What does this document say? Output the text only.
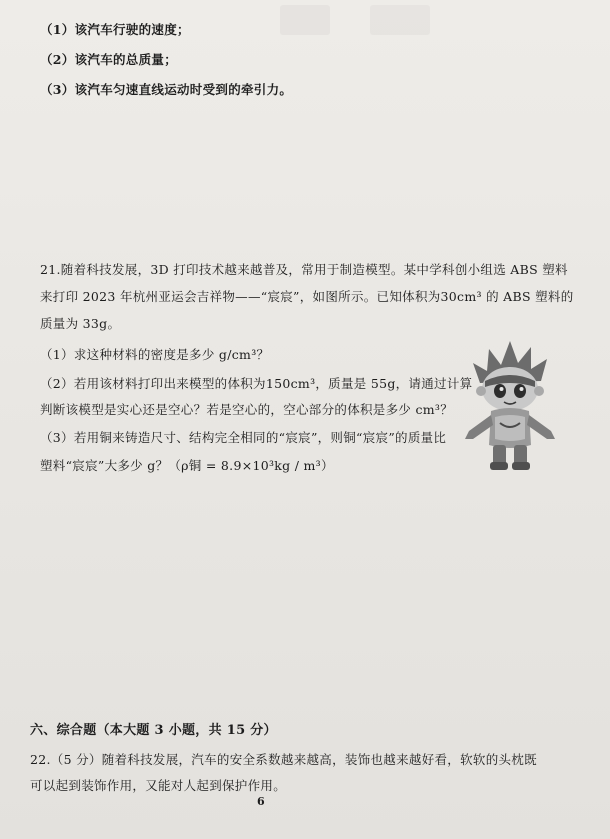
（1）该汽车行驶的速度；
（2）该汽车的总质量；
（3）该汽车匀速直线运动时受到的牵引力。
21.随着科技发展，3D 打印技术越来越普及，常用于制造模型。某中学科创小组选 ABS 塑料
来打印 2023 年杭州亚运会吉祥物——“宸宸”，如图所示。已知体积为30cm³ 的 ABS 塑料的
质量为 33g。
（1）求这种材料的密度是多少 g/cm³？
（2）若用该材料打印出来模型的体积为150cm³，质量是 55g，请通过计算
判断该模型是实心还是空心？若是空心的，空心部分的体积是多少 cm³？
（3）若用铜来铸造尺寸、结构完全相同的“宸宸”，则铜“宸宸”的质量比
塑料“宸宸”大多少 g？（ρ铜 = 8.9×10³kg / m³）
六、综合题（本大题 3 小题，共 15 分）
22.（5 分）随着科技发展，汽车的安全系数越来越高，装饰也越来越好看，软软的头枕既
可以起到装饰作用，又能对人起到保护作用。
6
